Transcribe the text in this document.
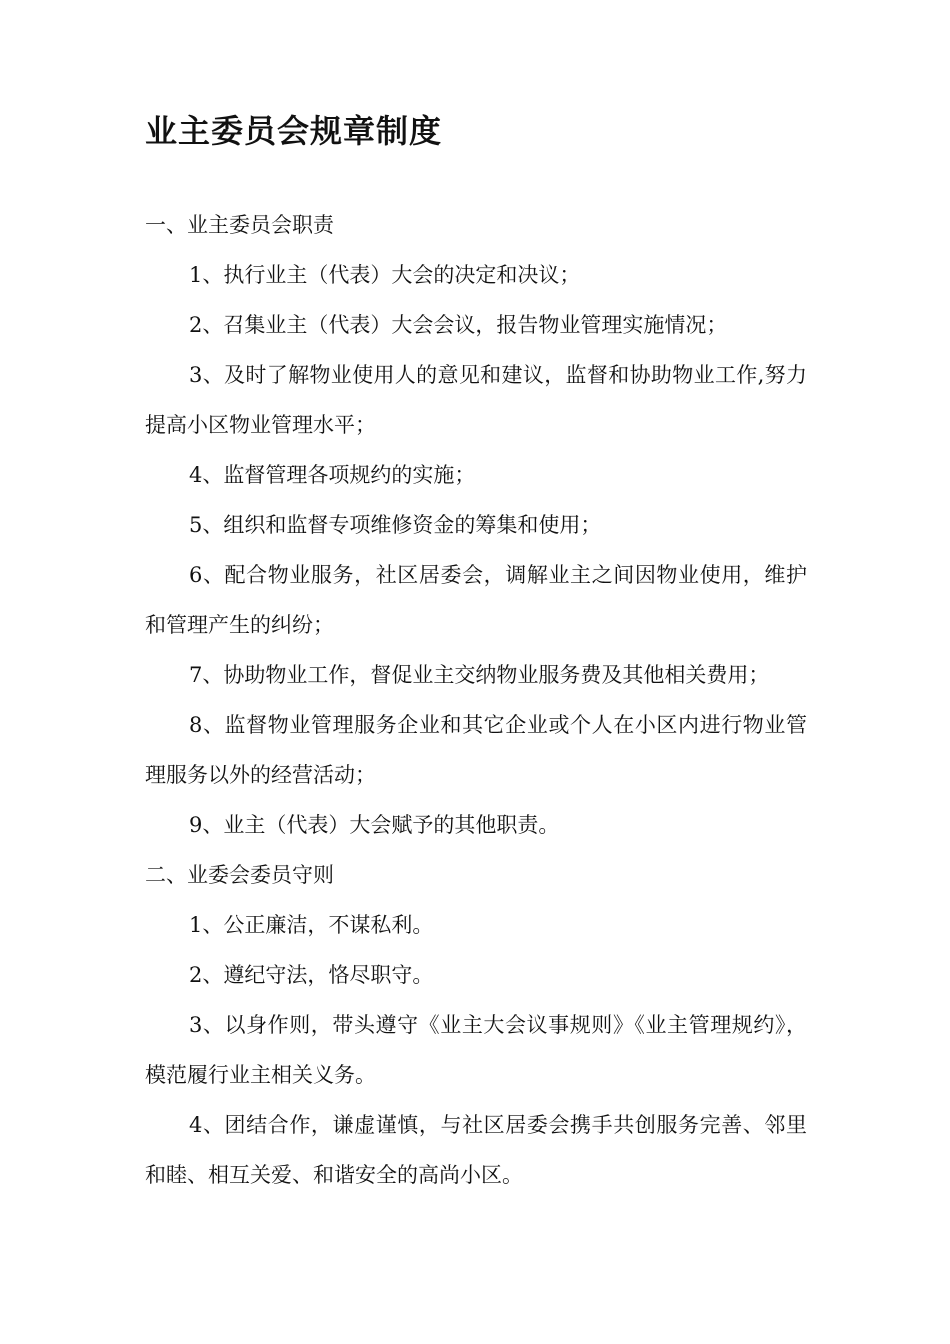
业主委员会规章制度

一、业主委员会职责

1、执行业主（代表）大会的决定和决议；

2、召集业主（代表）大会会议，报告物业管理实施情况；

3、及时了解物业使用人的意见和建议，监督和协助物业工作,努力提高小区物业管理水平；

4、监督管理各项规约的实施；

5、组织和监督专项维修资金的筹集和使用；

6、配合物业服务，社区居委会，调解业主之间因物业使用，维护和管理产生的纠纷；

7、协助物业工作，督促业主交纳物业服务费及其他相关费用；

8、监督物业管理服务企业和其它企业或个人在小区内进行物业管理服务以外的经营活动；

9、业主（代表）大会赋予的其他职责。

二、业委会委员守则

1、公正廉洁，不谋私利。

2、遵纪守法，恪尽职守。

3、以身作则，带头遵守《业主大会议事规则》《业主管理规约》，模范履行业主相关义务。

4、团结合作，谦虚谨慎，与社区居委会携手共创服务完善、邻里和睦、相互关爱、和谐安全的高尚小区。
